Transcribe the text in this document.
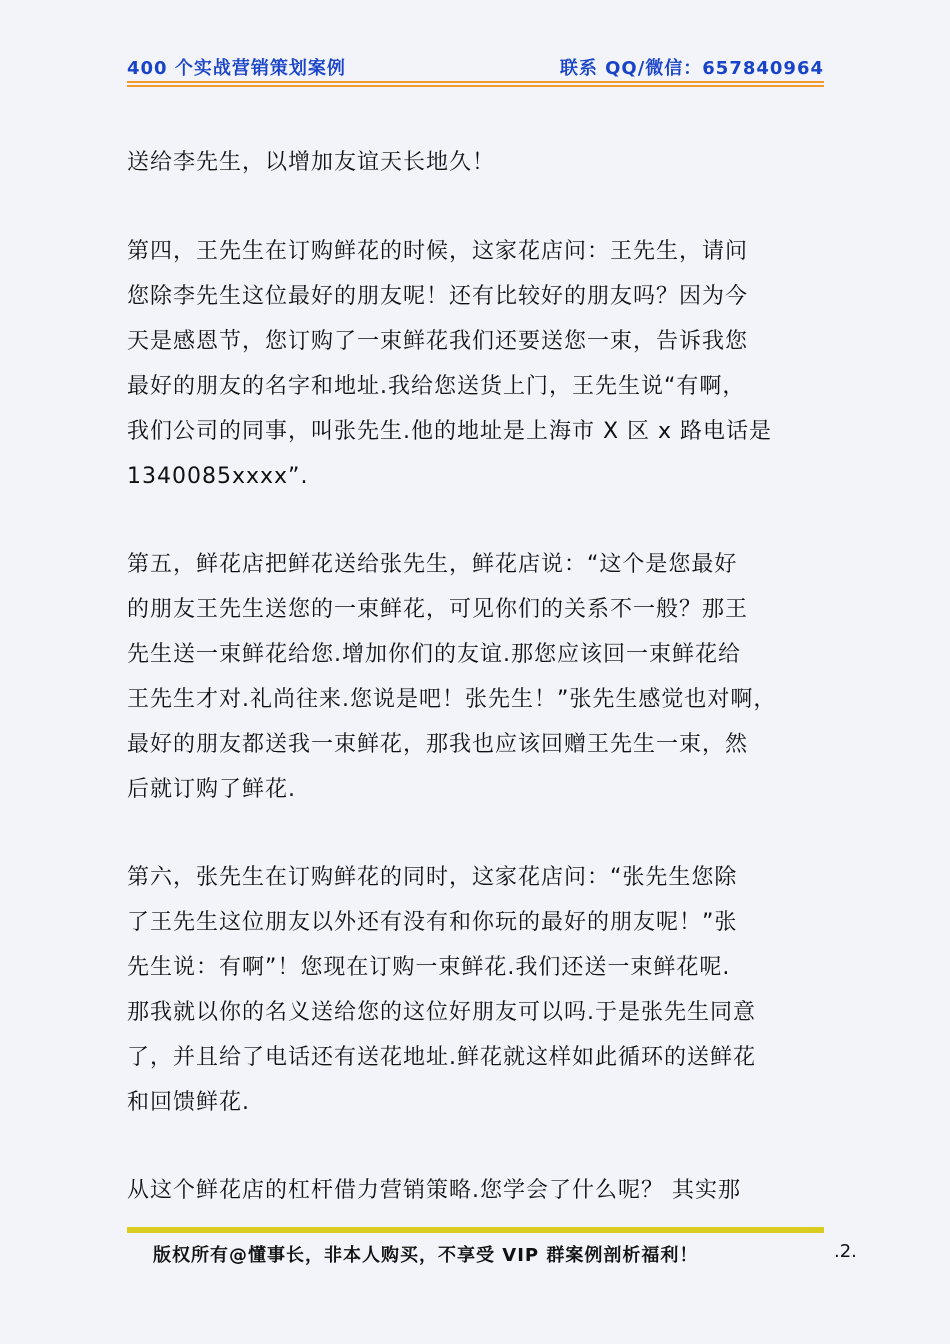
400 个实战营销策划案例	联系 QQ/微信：657840964

送给李先生，以增加友谊天长地久！

第四，王先生在订购鲜花的时候，这家花店问：王先生，请问

您除李先生这位最好的朋友呢！还有比较好的朋友吗？因为今

天是感恩节，您订购了一束鲜花我们还要送您一束，告诉我您

最好的朋友的名字和地址.我给您送货上门，王先生说“有啊，

我们公司的同事，叫张先生.他的地址是上海市 X 区 x 路电话是

1340085xxxx”.

第五，鲜花店把鲜花送给张先生，鲜花店说：“这个是您最好

的朋友王先生送您的一束鲜花，可见你们的关系不一般？那王

先生送一束鲜花给您.增加你们的友谊.那您应该回一束鲜花给

王先生才对.礼尚往来.您说是吧！张先生！”张先生感觉也对啊，

最好的朋友都送我一束鲜花，那我也应该回赠王先生一束，然

后就订购了鲜花.

第六，张先生在订购鲜花的同时，这家花店问：“张先生您除

了王先生这位朋友以外还有没有和你玩的最好的朋友呢！”张

先生说：有啊”！您现在订购一束鲜花.我们还送一束鲜花呢.

那我就以你的名义送给您的这位好朋友可以吗.于是张先生同意

了，并且给了电话还有送花地址.鲜花就这样如此循环的送鲜花

和回馈鲜花.

从这个鲜花店的杠杆借力营销策略.您学会了什么呢？ 其实那

版权所有@懂事长，非本人购买，不享受 VIP 群案例剖析福利！	.2.
